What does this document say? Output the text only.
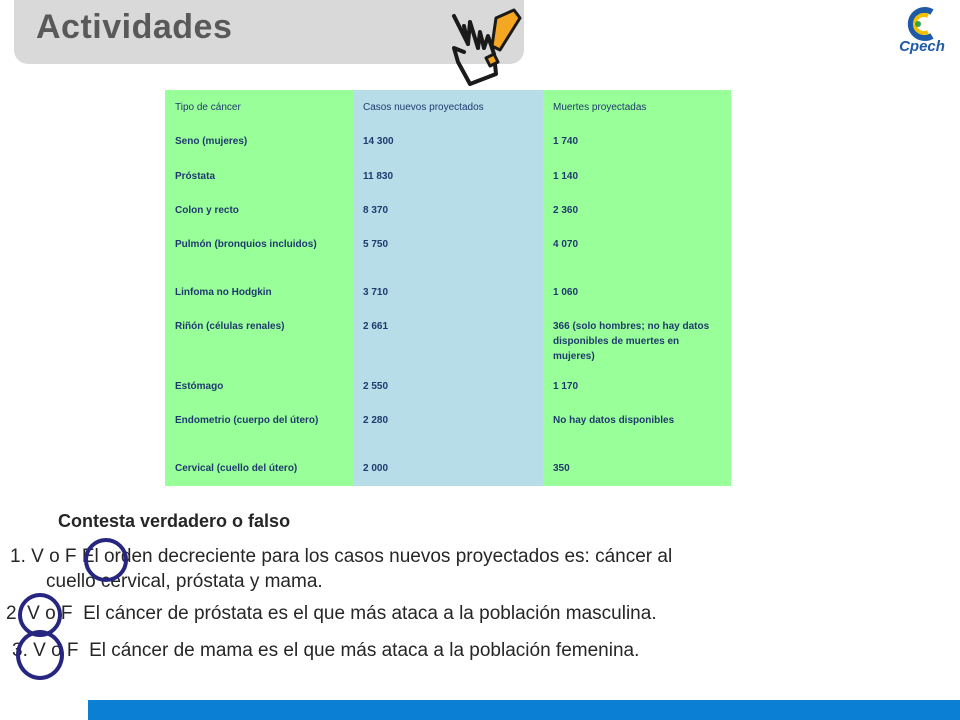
Actividades
Cpech
Tipo de cáncer	Casos nuevos proyectados	Muertes proyectadas
Seno (mujeres)	14 300	1 740
Próstata	11 830	1 140
Colon y recto	8 370	2 360
Pulmón (bronquios incluidos)	5 750	4 070
Linfoma no Hodgkin	3 710	1 060
Riñón (células renales)	2 661	366 (solo hombres; no hay datos disponibles de muertes en mujeres)
Estómago	2 550	1 170
Endometrio (cuerpo del útero)	2 280	No hay datos disponibles
Cervical (cuello del útero)	2 000	350
Contesta verdadero o falso
1. V o F El orden decreciente para los casos nuevos proyectados es: cáncer al
cuello cervical, próstata y mama.
2. V o F El cáncer de próstata es el que más ataca a la población masculina.
3. V o F El cáncer de mama es el que más ataca a la población femenina.
